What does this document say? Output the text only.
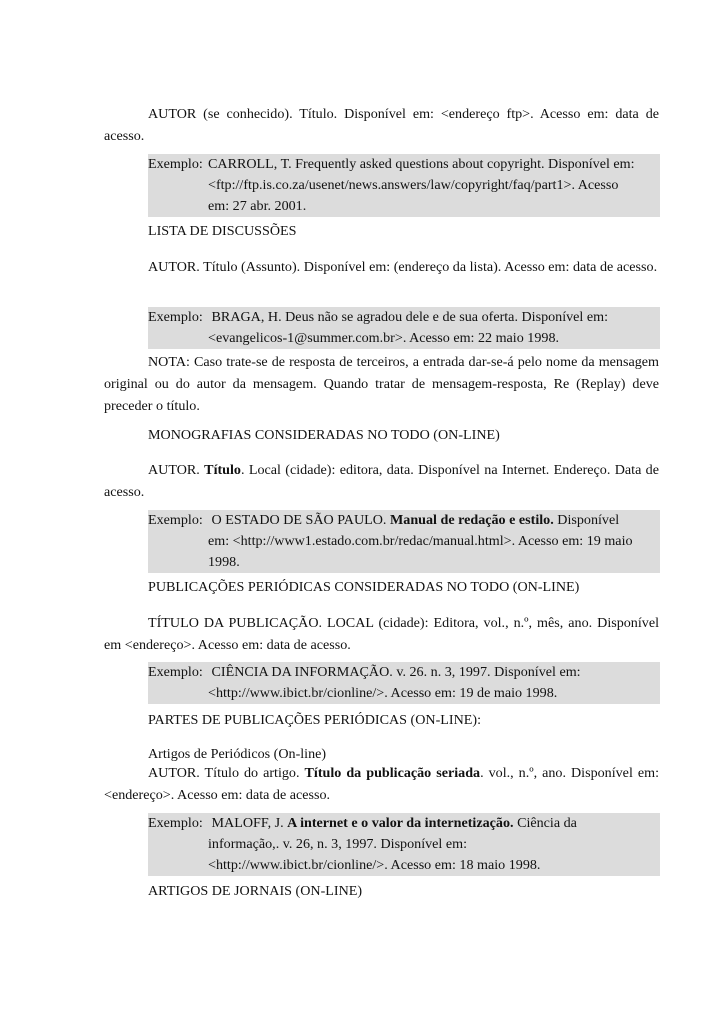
AUTOR (se conhecido). Título. Disponível em: <endereço ftp>. Acesso em: data de acesso.
Exemplo: CARROLL, T. Frequently asked questions about copyright. Disponível em:
<ftp://ftp.is.co.za/usenet/news.answers/law/copyright/faq/part1>. Acesso
em: 27 abr. 2001.
LISTA DE DISCUSSÕES
AUTOR. Título (Assunto). Disponível em: (endereço da lista). Acesso em: data de acesso.
Exemplo: BRAGA, H. Deus não se agradou dele e de sua oferta. Disponível em:
<evangelicos-1@summer.com.br>. Acesso em: 22 maio 1998.
NOTA: Caso trate-se de resposta de terceiros, a entrada dar-se-á pelo nome da mensagem original ou do autor da mensagem. Quando tratar de mensagem-resposta, Re (Replay) deve preceder o título.
MONOGRAFIAS CONSIDERADAS NO TODO (ON-LINE)
AUTOR. Título. Local (cidade): editora, data. Disponível na Internet. Endereço. Data de acesso.
Exemplo: O ESTADO DE SÃO PAULO. Manual de redação e estilo. Disponível
em: <http://www1.estado.com.br/redac/manual.html>. Acesso em: 19 maio
1998.
PUBLICAÇÕES PERIÓDICAS CONSIDERADAS NO TODO (ON-LINE)
TÍTULO DA PUBLICAÇÃO. LOCAL (cidade): Editora, vol., n.º, mês, ano. Disponível em <endereço>. Acesso em: data de acesso.
Exemplo: CIÊNCIA DA INFORMAÇÃO. v. 26. n. 3, 1997. Disponível em:
<http://www.ibict.br/cionline/>. Acesso em: 19 de maio 1998.
PARTES DE PUBLICAÇÕES PERIÓDICAS (ON-LINE):
Artigos de Periódicos (On-line)
AUTOR. Título do artigo. Título da publicação seriada. vol., n.º, ano. Disponível em: <endereço>. Acesso em: data de acesso.
Exemplo: MALOFF, J. A internet e o valor da internetização. Ciência da
informação,. v. 26, n. 3, 1997. Disponível em:
<http://www.ibict.br/cionline/>. Acesso em: 18 maio 1998.
ARTIGOS DE JORNAIS (ON-LINE)
